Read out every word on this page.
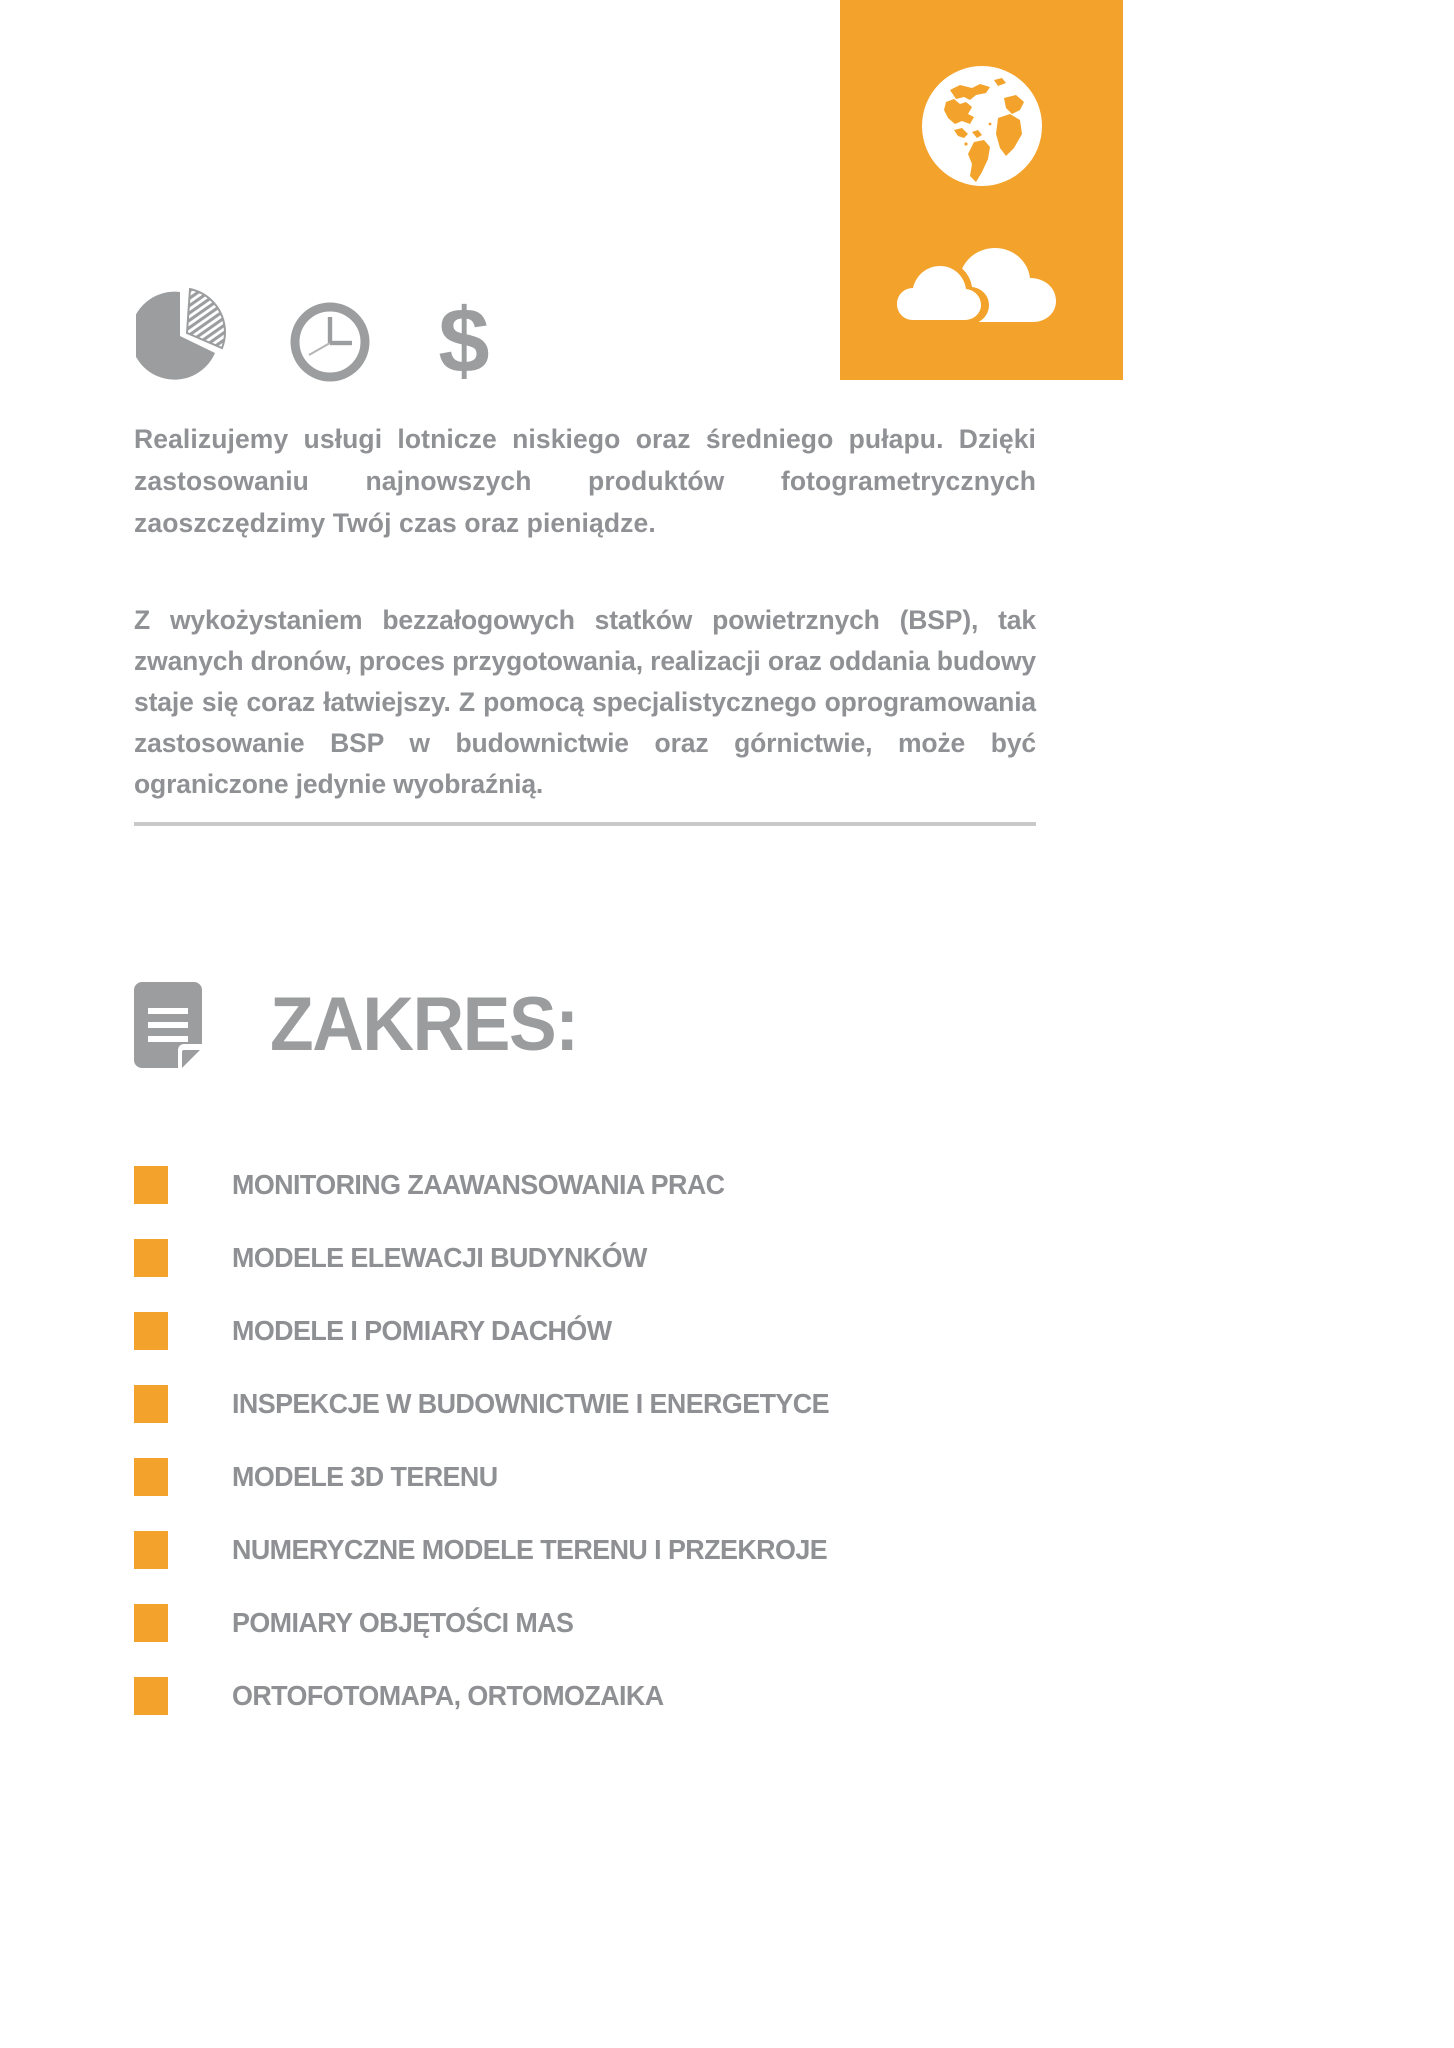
$

Realizujemy usługi lotnicze niskiego oraz średniego pułapu. Dzięki zastosowaniu najnowszych produktów fotogrametrycznych zaoszczędzimy Twój czas oraz pieniądze.

Z wykożystaniem bezzałogowych statków powietrznych (BSP), tak zwanych dronów, proces przygotowania, realizacji oraz oddania budowy staje się coraz łatwiejszy. Z pomocą specjalistycznego oprogramowania zastosowanie BSP w budownictwie oraz górnictwie, może być ograniczone jedynie wyobraźnią.

ZAKRES:
MONITORING ZAAWANSOWANIA PRAC
MODELE ELEWACJI BUDYNKÓW
MODELE I POMIARY DACHÓW
INSPEKCJE W BUDOWNICTWIE I ENERGETYCE
MODELE 3D TERENU
NUMERYCZNE MODELE TERENU I PRZEKROJE
POMIARY OBJĘTOŚCI MAS
ORTOFOTOMAPA, ORTOMOZAIKA
